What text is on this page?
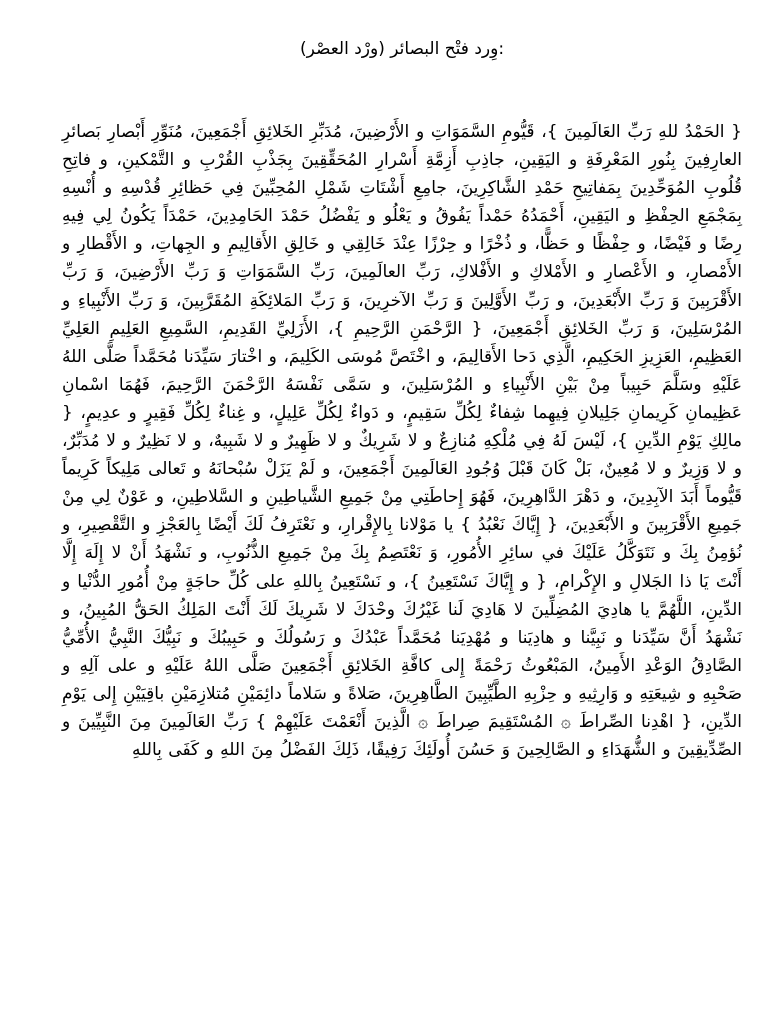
:وِرد فتْح البصائر (ورْد العصْر)

{ الحَمْدُ للهِ رَبِّ العَالَمِينَ }، قَيُّومِ السَّمَوَاتِ و الأَرْضِينَ، مُدَبِّرِ الخَلائِقِ أَجْمَعِينَ، مُنَوِّرِ أَبْصارِ بَصائرِ العارِفِينَ بِنُورِ المَعْرِفَةِ و اليَقِينِ، جاذِبِ أَزِمَّةِ أَسْرارِ المُحَقِّقِينَ بِجَذْبِ القُرْبِ و التَّمْكينِ، و فاتِحِ قُلُوبِ المُوَحِّدِينَ بِمَفاتِيحِ حَمْدِ الشَّاكِرِينَ، جامِعِ أَشْتَاتِ شَمْلِ المُحِبِّينَ فِي حَظائِرِ قُدْسِهِ و أُنْسِهِ بِمَجْمَعِ الحِفْظِ و اليَقِينِ، أَحْمَدُهُ حَمْداً يَفُوقُ و يَعْلُو و يَفْضُلُ حَمْدَ الحَامِدِينَ، حَمْدَاً يَكُونُ لِي فِيهِ رِضًا و فَيْضًا، و حِفْظًا و حَظًّا، و ذُخْرًا و حِرْزًا عِنْدَ خَالِقِي و خَالِقِ الأَقالِيمِ و الجِهاتِ، و الأَقْطارِ و الأَمْصارِ، و الأَعْصارِ و الأَمْلاكِ و الأَفْلاكِ، رَبِّ العالَمِينَ، رَبِّ السَّمَوَاتِ وَ رَبِّ الأَرْضِينَ، وَ رَبِّ الأَقْرَبِينَ وَ رَبِّ الأَبْعَدِينَ، و رَبِّ الأَوَّلِينَ وَ رَبِّ الآخرِينَ، وَ رَبِّ المَلائِكَةِ المُقَرَّبِينَ، وَ رَبِّ الأَنْبِياءِ و المُرْسَلِينَ، وَ رَبِّ الخَلائِقِ أَجْمَعِينَ، { الرَّحْمَنِ الرَّحِيمِ }، الأَزَلِيِّ القَدِيمِ، السَّمِيعِ العَلِيمِ العَلِيِّ العَظِيمِ، العَزِيزِ الحَكِيمِ، الَّذِي دَحا الأَقالِيمَ، و اخْتَصَّ مُوسَى الكَلِيمَ، و اخْتارَ سَيِّدَنا مُحَمَّداً صَلَّى اللهُ عَلَيْهِ وسَلَّمَ حَبِيباً مِنْ بَيْنِ الأَنْبِياءِ و المُرْسَلِينَ، و سَمَّى نَفْسَهُ الرَّحْمَنَ الرَّحِيمَ، فَهُمَا اسْمانِ عَظِيمانِ كَرِيمانِ جَلِيلانِ فِيهِما شِفاءٌ لِكُلِّ سَقِيمٍ، و دَواءٌ لِكُلِّ عَلِيلٍ، و غِناءٌ لِكُلِّ فَقِيرٍ و عدِيمٍ، { مالِكِ يَوْمِ الدِّينِ }، لَيْسَ لَهُ فِي مُلْكِهِ مُنازِعٌ و لا شَرِيكٌ و لا ظَهِيرٌ و لا شَبِيهٌ، و لا نَظِيرٌ و لا مُدَبِّرٌ، و لا وَزِيرٌ و لا مُعِينٌ، بَلْ كَانَ قَبْلَ وُجُودِ العَالَمِينَ أَجْمَعِينَ، و لَمْ يَزَلْ سُبْحانَهُ و تَعالى مَلِيكاً كَرِيماً قَيُّوماً أَبَدَ الآبِدِينَ، و دَهْرَ الدَّاهِرِينَ، فَهُوَ إِحاطَتِي مِنْ جَمِيعِ الشَّياطِينِ و السَّلاطِينِ، و عَوْنٌ لِي مِنْ جَمِيعِ الأَقْرَبِينَ و الأَبْعَدِينَ، { إِيَّاكَ نَعْبُدُ } يا مَوْلانا بِالإِقْرارِ، و نَعْتَرِفُ لَكَ أَيْضًا بِالعَجْزِ و التَّقْصِيرِ، و نُؤمِنُ بِكَ و نَتَوَكَّلُ عَلَيْكَ في سائِرِ الأُمُورِ، وَ نَعْتَصِمُ بِكَ مِنْ جَمِيعِ الذُّنُوبِ، و نَشْهَدُ أَنْ لا إِلَهَ إِلَّا أَنْتَ يَا ذا الجَلالِ و الإِكْرامِ، { و إِيَّاكَ نَسْتَعِينُ }، و نَسْتَعِينُ بِاللهِ على كُلِّ حاجَةٍ مِنْ أُمُورِ الدُّنْيا و الدِّينِ، اللَّهُمَّ يا هادِيَ المُضِلِّينَ لا هَادِيَ لَنا غَيْرُكَ وحْدَكَ لا شَرِيكَ لَكَ أَنْتَ المَلِكُ الحَقُّ المُبِينُ، و نَشْهَدُ أَنَّ سَيِّدَنا و نَبِيَّنا و هادِيَنا و مُهْدِيَنا مُحَمَّداً عَبْدُكَ و رَسُولُكَ و حَبِيبُكَ و نَبِيُّكَ النَّبِيُّ الأُمِّيُّ الصَّادِقُ الوَعْدِ الأَمِينُ، المَبْعُوثُ رَحْمَةً إِلى كافَّةِ الخَلائِقِ أَجْمَعِينَ صَلَّى اللهُ عَلَيْهِ و على آلِهِ و صَحْبِهِ و شِيعَتِهِ و وَارِثِيهِ و حِزْبِهِ الطَّيِّبِينَ الطَّاهِرِينَ، صَلاةً و سَلاماً دائِمَيْنِ مُتلازِمَيْنِ باقِيَيْنِ إِلى يَوْمِ الدِّينِ، { اهْدِنا الصِّراطَ ۞ المُسْتَقِيمَ صِراطَ ۞ الَّذِينَ أَنْعَمْتَ عَلَيْهِمْ } رَبِّ العَالَمِينَ مِنَ النَّبِيِّينَ و الصِّدِّيقِينَ و الشُّهَدَاءِ و الصَّالِحِينَ وَ حَسُنَ أُولَئِكَ رَفِيقًا، ذَلِكَ الفَضْلُ مِنَ اللهِ و كَفَى بِاللهِ
